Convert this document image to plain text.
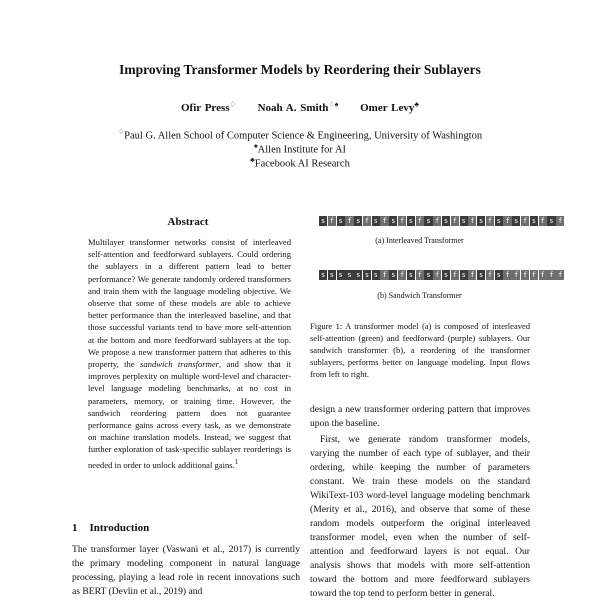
Improving Transformer Models by Reordering their Sublayers
Ofir Press♢ Noah A. Smith♢♠ Omer Levy♣
♢Paul G. Allen School of Computer Science & Engineering, University of Washington
♠Allen Institute for AI
♣Facebook AI Research
Abstract
Multilayer transformer networks consist of interleaved self-attention and feedforward sublayers. Could ordering the sublayers in a different pattern lead to better performance? We generate randomly ordered transformers and train them with the language modeling objective. We observe that some of these models are able to achieve better performance than the interleaved baseline, and that those successful variants tend to have more self-attention at the bottom and more feedforward sublayers at the top. We propose a new transformer pattern that adheres to this property, the sandwich transformer, and show that it improves perplexity on multiple word-level and character-level language modeling benchmarks, at no cost in parameters, memory, or training time. However, the sandwich reordering pattern does not guarantee performance gains across every task, as we demonstrate on machine translation models. Instead, we suggest that further exploration of task-specific sublayer reorderings is needed in order to unlock additional gains.$^1$
1 Introduction
The transformer layer (Vaswani et al., 2017) is currently the primary modeling component in natural language processing, playing a lead role in recent innovations such as BERT (Devlin et al., 2019) and
s f s f s f s f s f s f s f s f s f s f s f s f s f s f
(a) Interleaved Transformer
s s s s s s s f s f s f s f s f s f s f s f f f f f f f
(b) Sandwich Transformer
Figure 1: A transformer model (a) is composed of interleaved self-attention (green) and feedforward (purple) sublayers. Our sandwich transformer (b), a reordering of the transformer sublayers, performs better on language modeling. Input flows from left to right.

design a new transformer ordering pattern that improves upon the baseline.

First, we generate random transformer models, varying the number of each type of sublayer, and their ordering, while keeping the number of parameters constant. We train these models on the standard WikiText-103 word-level language modeling benchmark (Merity et al., 2016), and observe that some of these random models outperform the original interleaved transformer model, even when the number of self-attention and feedforward layers is not equal. Our analysis shows that models with more self-attention toward the bottom and more feedforward sublayers toward the top tend to perform better in general.
